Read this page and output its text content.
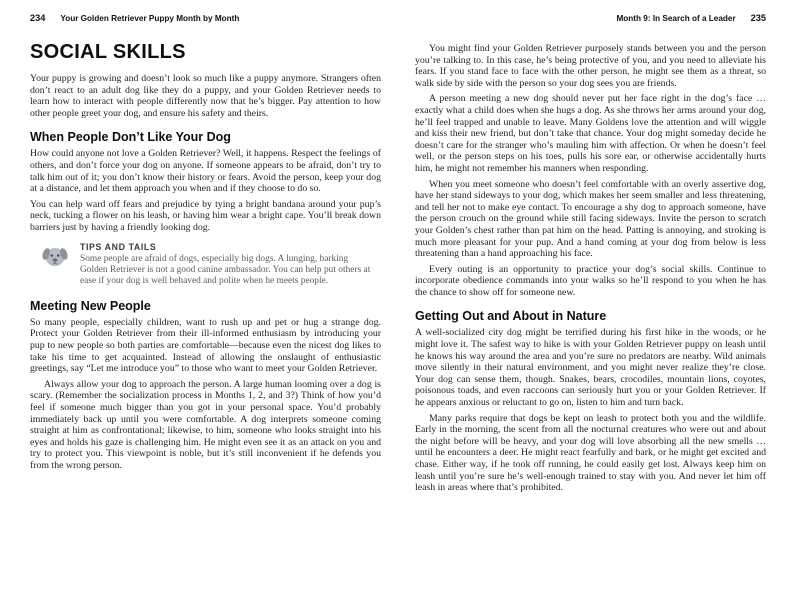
234 Your Golden Retriever Puppy Month by Month
SOCIAL SKILLS

Your puppy is growing and doesn’t look so much like a puppy anymore. Strangers often don’t react to an adult dog like they do a puppy, and your Golden Retriever needs to learn how to interact with people differently now that he’s bigger. Pay attention to how other people greet your dog, and ensure his safety and theirs.

When People Don’t Like Your Dog

How could anyone not love a Golden Retriever? Well, it happens. Respect the feelings of others, and don’t force your dog on anyone. If someone appears to be afraid, don’t try to talk him out of it; you don’t know their history or fears. Avoid the person, keep your dog at a distance, and let them approach you when and if they choose to do so.

You can help ward off fears and prejudice by tying a bright bandana around your pup’s neck, tucking a flower on his leash, or having him wear a bright cape. You’ll break down barriers just by having a friendly looking dog.

TIPS AND TAILS

Some people are afraid of dogs, especially big dogs. A lunging, barking Golden Retriever is not a good canine ambassador. You can help put others at ease if your dog is well behaved and polite when he meets people.

Meeting New People

So many people, especially children, want to rush up and pet or hug a strange dog. Protect your Golden Retriever from their ill-informed enthusiasm by introducing your pup to new people so both parties are comfortable—because even the nicest dog likes to take his time to get acquainted. Instead of allowing the onslaught of enthusiastic greetings, say “Let me introduce you” to those who want to meet your Golden Retriever.

Always allow your dog to approach the person. A large human looming over a dog is scary. (Remember the socialization process in Months 1, 2, and 3?) Think of how you’d feel if someone much bigger than you got in your personal space. You’d probably immediately back up until you were comfortable. A dog interprets someone coming straight at him as confrontational; likewise, to him, someone who looks straight into his eyes and holds his gaze is challenging him. He might even see it as an attack on you and try to protect you. This viewpoint is noble, but it’s still inconvenient if he defends you from the wrong person.

Month 9: In Search of a Leader 235

You might find your Golden Retriever purposely stands between you and the person you’re talking to. In this case, he’s being protective of you, and you need to alleviate his fears. If you stand face to face with the other person, he might see them as a threat, so walk side by side with the person so your dog sees you are friends.

A person meeting a new dog should never put her face right in the dog’s face … exactly what a child does when she hugs a dog. As she throws her arms around your dog, he’ll feel trapped and unable to leave. Many Goldens love the attention and will wiggle and kiss their new friend, but don’t take that chance. Your dog might someday decide he doesn’t care for the stranger who’s mauling him with affection. Or when he doesn’t feel well, or the person steps on his toes, pulls his sore ear, or otherwise accidentally hurts him, he might not remember his manners when responding.

When you meet someone who doesn’t feel comfortable with an overly assertive dog, have her stand sideways to your dog, which makes her seem smaller and less threatening, and tell her not to make eye contact. To encourage a shy dog to approach someone, have the person crouch on the ground while still facing sideways. Invite the person to scratch your Golden’s chest rather than pat him on the head. Patting is annoying, and stroking is much more pleasant for your pup. And a hand coming at your dog from below is less threatening than a hand approaching his face.

Every outing is an opportunity to practice your dog’s social skills. Continue to incorporate obedience commands into your walks so he’ll respond to you when he has the chance to show off for someone new.

Getting Out and About in Nature

A well-socialized city dog might be terrified during his first hike in the woods, or he might love it. The safest way to hike is with your Golden Retriever puppy on leash until he knows his way around the area and you’re sure no predators are nearby. Wild animals move silently in their natural environment, and you might never realize they’re close. Your dog can sense them, though. Snakes, bears, crocodiles, mountain lions, coyotes, poisonous toads, and even raccoons can seriously hurt you or your Golden Retriever. If he appears anxious or reluctant to go on, listen to him and turn back.

Many parks require that dogs be kept on leash to protect both you and the wildlife. Early in the morning, the scent from all the nocturnal creatures who were out and about the night before will be heavy, and your dog will love absorbing all the new smells … until he encounters a deer. He might react fearfully and bark, or he might get excited and chase. Either way, if he took off running, he could easily get lost. Always keep him on leash until you’re sure he’s well-enough trained to stay with you. And never let him off leash in areas where that’s prohibited.
